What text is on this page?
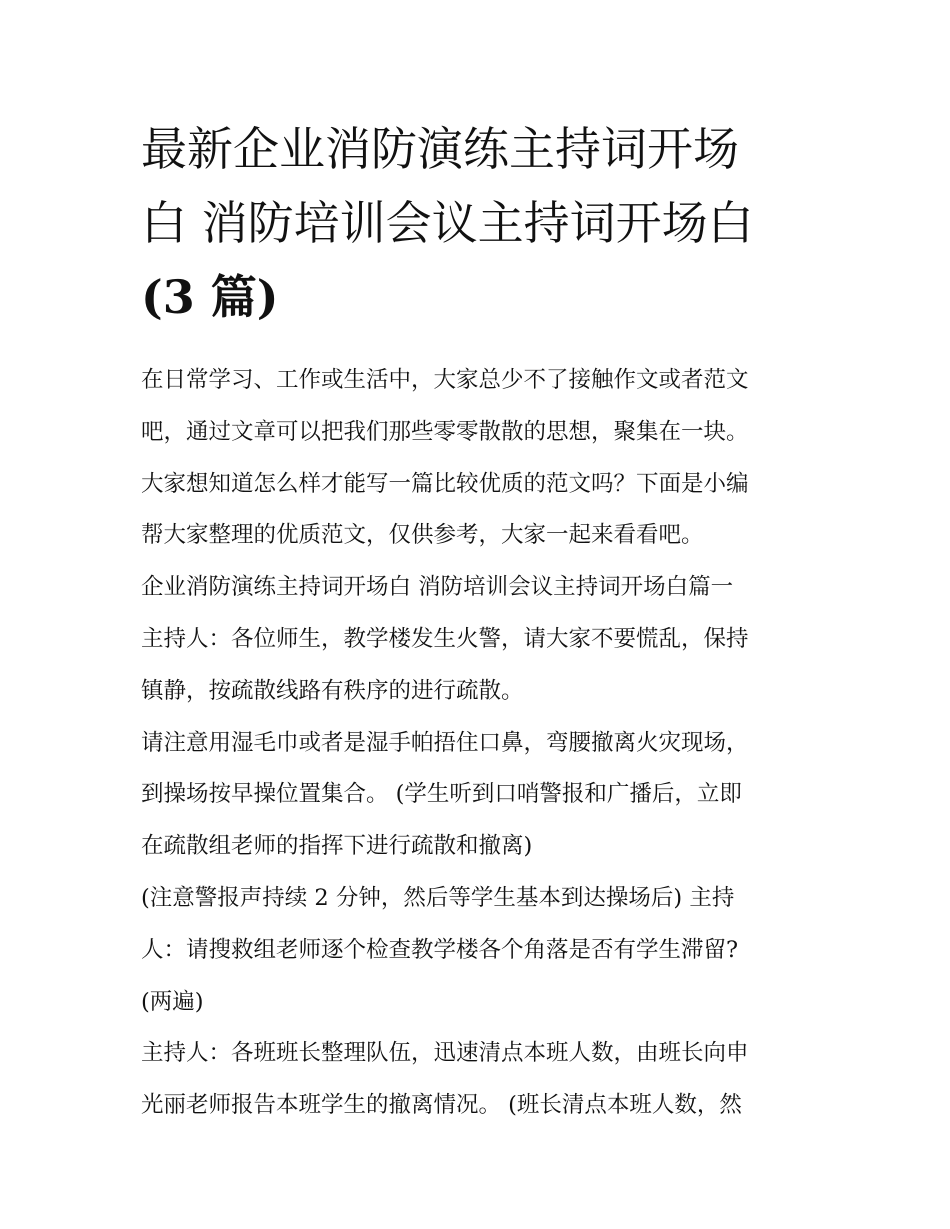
最新企业消防演练主持词开场
白 消防培训会议主持词开场白
(3 篇)
在日常学习、工作或生活中，大家总少不了接触作文或者范文
吧，通过文章可以把我们那些零零散散的思想，聚集在一块。
大家想知道怎么样才能写一篇比较优质的范文吗？下面是小编
帮大家整理的优质范文，仅供参考，大家一起来看看吧。
企业消防演练主持词开场白 消防培训会议主持词开场白篇一
主持人：各位师生，教学楼发生火警，请大家不要慌乱，保持
镇静，按疏散线路有秩序的进行疏散。
请注意用湿毛巾或者是湿手帕捂住口鼻，弯腰撤离火灾现场，
到操场按早操位置集合。 (学生听到口哨警报和广播后，立即
在疏散组老师的指挥下进行疏散和撤离)
(注意警报声持续 2 分钟，然后等学生基本到达操场后) 主持
人：请搜救组老师逐个检查教学楼各个角落是否有学生滞留?
(两遍)
主持人：各班班长整理队伍，迅速清点本班人数，由班长向申
光丽老师报告本班学生的撤离情况。 (班长清点本班人数，然
